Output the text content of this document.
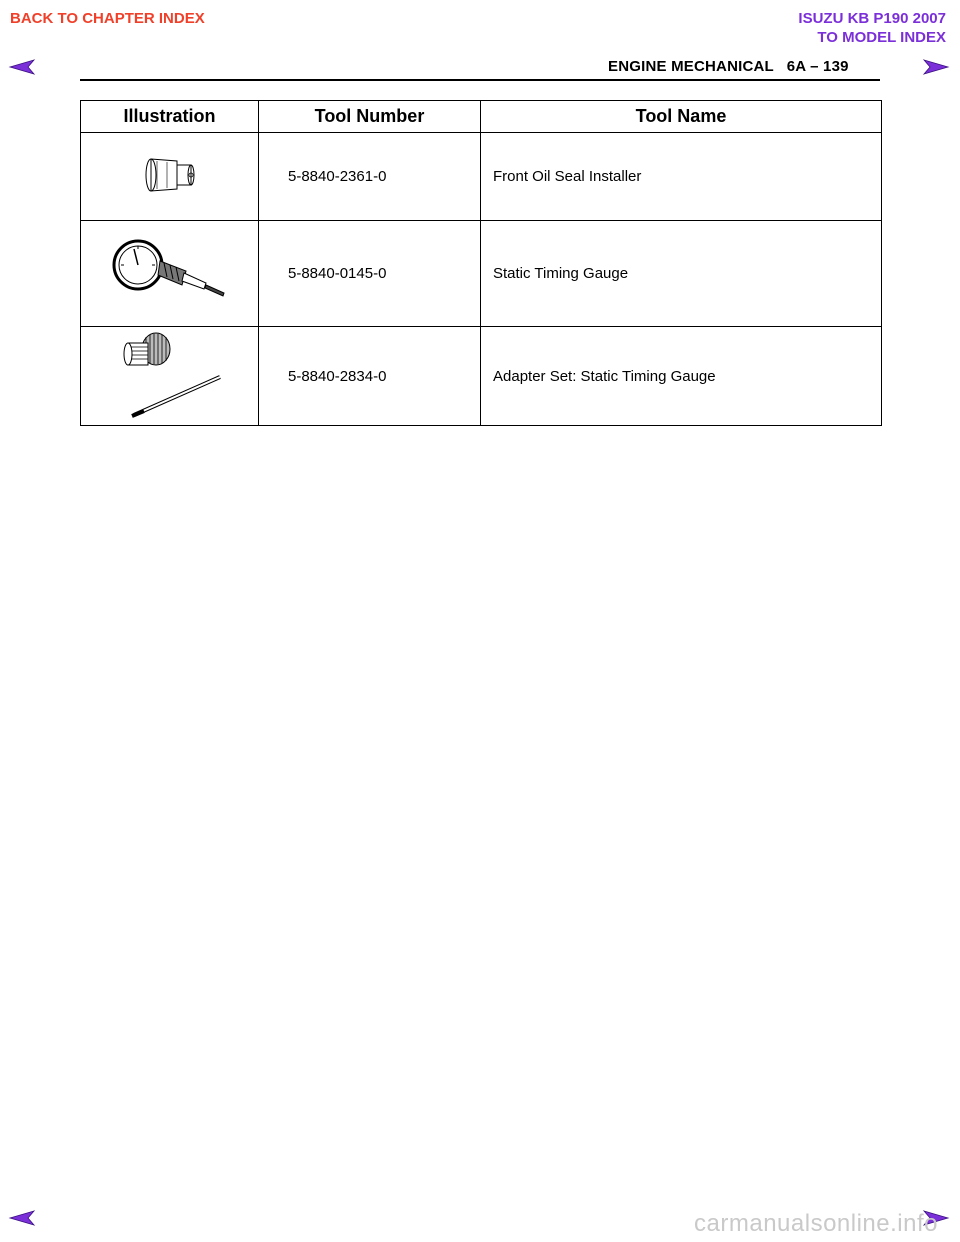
BACK TO CHAPTER INDEX	ISUZU KB P190 2007
TO MODEL INDEX
ENGINE MECHANICAL 6A – 139
Illustration	Tool Number	Tool Name
	5-8840-2361-0	Front Oil Seal Installer
	5-8840-0145-0	Static Timing Gauge
	5-8840-2834-0	Adapter Set: Static Timing Gauge
carmanualsonline.info
